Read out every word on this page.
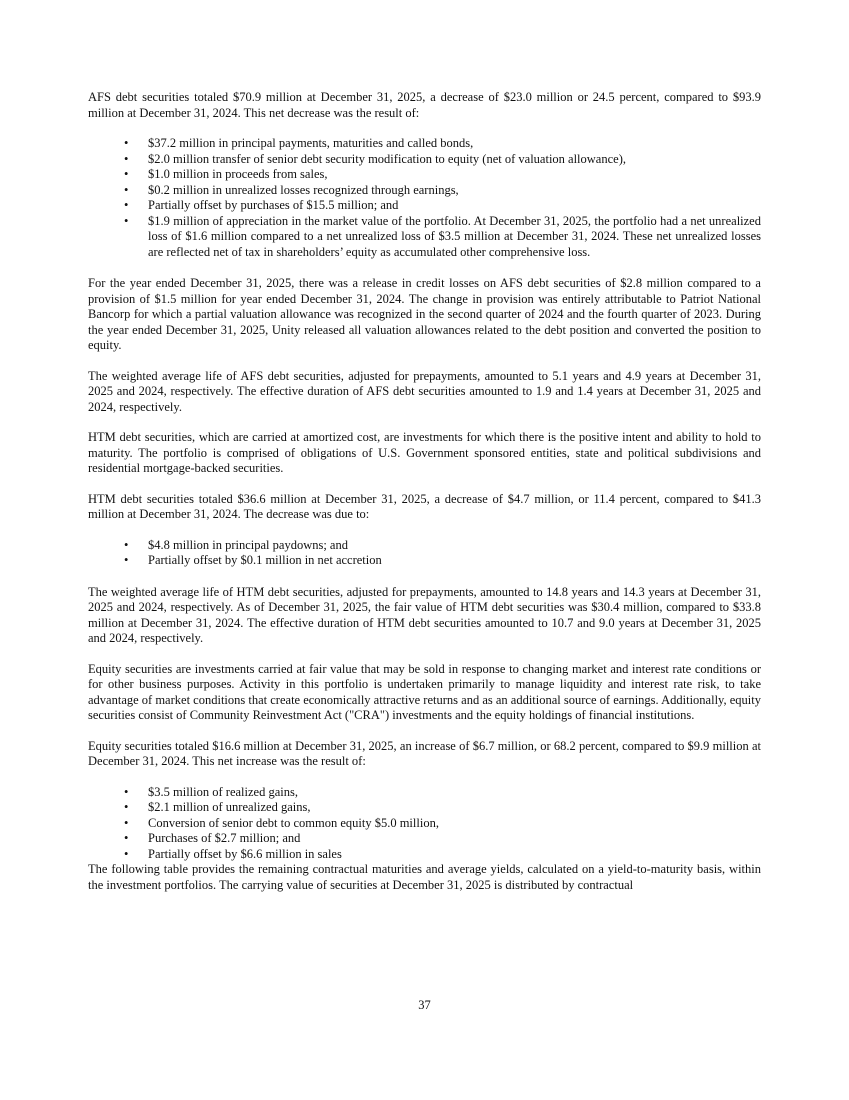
AFS debt securities totaled $70.9 million at December 31, 2025, a decrease of $23.0 million or 24.5 percent, compared to $93.9 million at December 31, 2024. This net decrease was the result of:

• $37.2 million in principal payments, maturities and called bonds,
• $2.0 million transfer of senior debt security modification to equity (net of valuation allowance),
• $1.0 million in proceeds from sales,
• $0.2 million in unrealized losses recognized through earnings,
• Partially offset by purchases of $15.5 million; and
• $1.9 million of appreciation in the market value of the portfolio. At December 31, 2025, the portfolio had a net unrealized loss of $1.6 million compared to a net unrealized loss of $3.5 million at December 31, 2024. These net unrealized losses are reflected net of tax in shareholders’ equity as accumulated other comprehensive loss.

For the year ended December 31, 2025, there was a release in credit losses on AFS debt securities of $2.8 million compared to a provision of $1.5 million for year ended December 31, 2024. The change in provision was entirely attributable to Patriot National Bancorp for which a partial valuation allowance was recognized in the second quarter of 2024 and the fourth quarter of 2023. During the year ended December 31, 2025, Unity released all valuation allowances related to the debt position and converted the position to equity.

The weighted average life of AFS debt securities, adjusted for prepayments, amounted to 5.1 years and 4.9 years at December 31, 2025 and 2024, respectively. The effective duration of AFS debt securities amounted to 1.9 and 1.4 years at December 31, 2025 and 2024, respectively.

HTM debt securities, which are carried at amortized cost, are investments for which there is the positive intent and ability to hold to maturity. The portfolio is comprised of obligations of U.S. Government sponsored entities, state and political subdivisions and residential mortgage-backed securities.

HTM debt securities totaled $36.6 million at December 31, 2025, a decrease of $4.7 million, or 11.4 percent, compared to $41.3 million at December 31, 2024. The decrease was due to:

• $4.8 million in principal paydowns; and
• Partially offset by $0.1 million in net accretion

The weighted average life of HTM debt securities, adjusted for prepayments, amounted to 14.8 years and 14.3 years at December 31, 2025 and 2024, respectively. As of December 31, 2025, the fair value of HTM debt securities was $30.4 million, compared to $33.8 million at December 31, 2024. The effective duration of HTM debt securities amounted to 10.7 and 9.0 years at December 31, 2025 and 2024, respectively.

Equity securities are investments carried at fair value that may be sold in response to changing market and interest rate conditions or for other business purposes. Activity in this portfolio is undertaken primarily to manage liquidity and interest rate risk, to take advantage of market conditions that create economically attractive returns and as an additional source of earnings. Additionally, equity securities consist of Community Reinvestment Act ("CRA") investments and the equity holdings of financial institutions.

Equity securities totaled $16.6 million at December 31, 2025, an increase of $6.7 million, or 68.2 percent, compared to $9.9 million at December 31, 2024. This net increase was the result of:

• $3.5 million of realized gains,
• $2.1 million of unrealized gains,
• Conversion of senior debt to common equity $5.0 million,
• Purchases of $2.7 million; and
• Partially offset by $6.6 million in sales

The following table provides the remaining contractual maturities and average yields, calculated on a yield-to-maturity basis, within the investment portfolios. The carrying value of securities at December 31, 2025 is distributed by contractual

37
